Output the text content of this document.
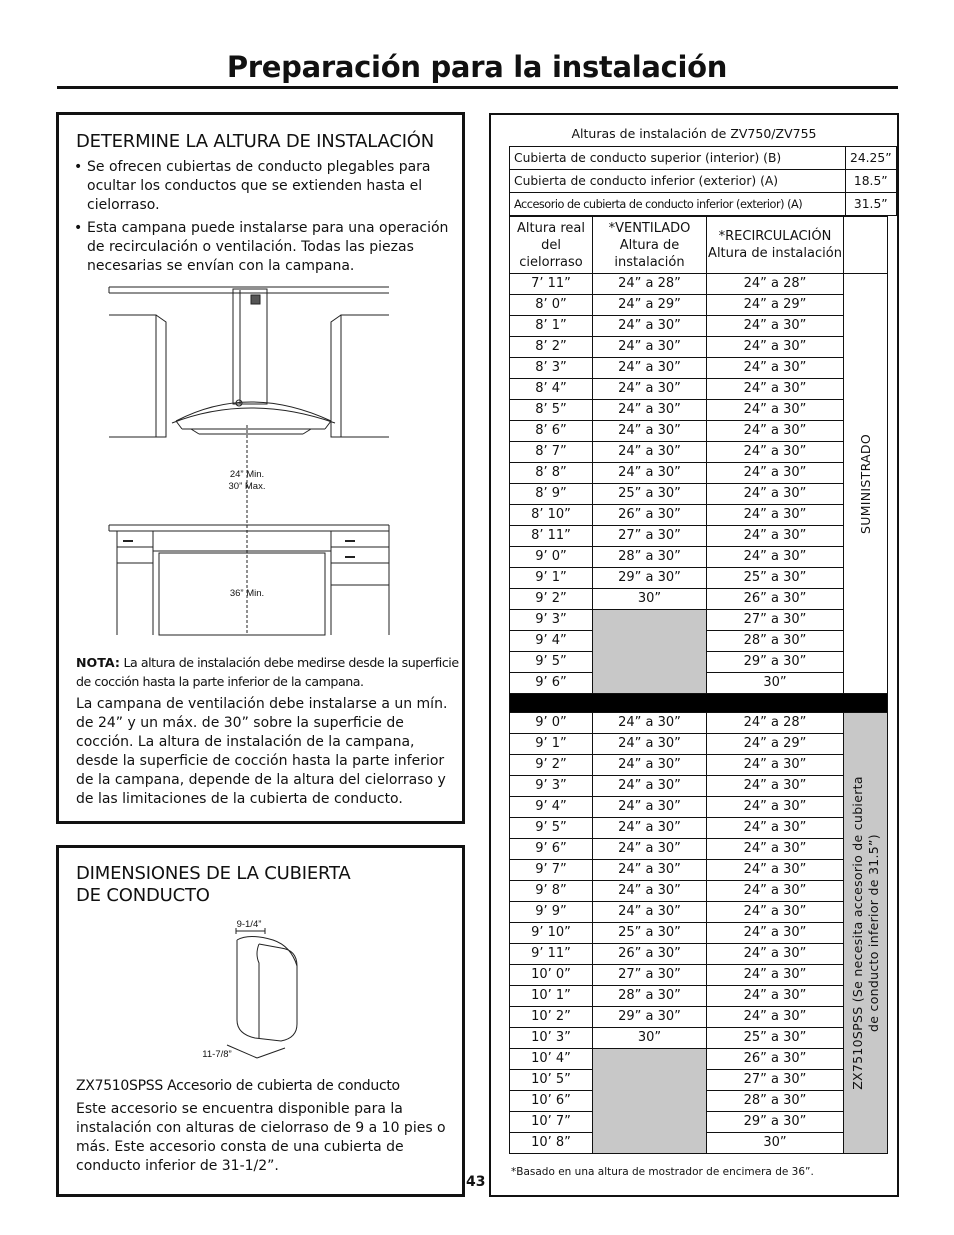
Preparación para la instalación
DETERMINE LA ALTURA DE INSTALACIÓN
• Se ofrecen cubiertas de conducto plegables para ocultar los conductos que se extienden hasta el cielorraso.
• Esta campana puede instalarse para una operación de recirculación o ventilación. Todas las piezas necesarias se envían con la campana.
24” Min.
30” Max.
36” Min.
NOTA: La altura de instalación debe medirse desde la superficie de cocción hasta la parte inferior de la campana.
La campana de ventilación debe instalarse a un mín. de 24” y un máx. de 30” sobre la superficie de cocción. La altura de instalación de la campana, desde la superficie de cocción hasta la parte inferior de la campana, depende de la altura del cielorraso y de las limitaciones de la cubierta de conducto.
DIMENSIONES DE LA CUBIERTA
DE CONDUCTO
9-1/4”
11-7/8”
ZX7510SPSS Accesorio de cubierta de conducto
Este accesorio se encuentra disponible para la instalación con alturas de cielorraso de 9 a 10 pies o más. Este accesorio consta de una cubierta de conducto inferior de 31-1/2”.
43
Alturas de instalación de ZV750/ZV755
Cubierta de conducto superior (interior) (B)	24.25”
Cubierta de conducto inferior (exterior) (A)	18.5”
Accesorio de cubierta de conducto inferior (exterior) (A)	31.5”
Altura real del cielorraso	*VENTILADO Altura de instalación	*RECIRCULACIÓN Altura de instalación	
7’ 11”	24” a 28”	24” a 28”	SUMINISTRADO

8’ 0”	24” a 29”	24” a 29”	
8’ 1”	24” a 30”	24” a 30”	
8’ 2”	24” a 30”	24” a 30”	
8’ 3”	24” a 30”	24” a 30”	
8’ 4”	24” a 30”	24” a 30”	
8’ 5”	24” a 30”	24” a 30”	
8’ 6”	24” a 30”	24” a 30”	
8’ 7”	24” a 30”	24” a 30”	
8’ 8”	24” a 30”	24” a 30”	
8’ 9”	25” a 30”	24” a 30”	
8’ 10”	26” a 30”	24” a 30”	
8’ 11”	27” a 30”	24” a 30”	
9’ 0”	28” a 30”	24” a 30”	
9’ 1”	29” a 30”	25” a 30”	
9’ 2”	30”	26” a 30”	
9’ 3”		27” a 30”	
9’ 4”		28” a 30”	
9’ 5”		29” a 30”	
9’ 6”		30”	

9’ 0”	24” a 30”	24” a 28”	ZX7510SPSS (Se necesita accesorio de cubierta de conducto inferior de 31.5”)

9’ 1”	24” a 30”	24” a 29”	
9’ 2”	24” a 30”	24” a 30”	
9’ 3”	24” a 30”	24” a 30”	
9’ 4”	24” a 30”	24” a 30”	
9’ 5”	24” a 30”	24” a 30”	
9’ 6”	24” a 30”	24” a 30”	
9’ 7”	24” a 30”	24” a 30”	
9’ 8”	24” a 30”	24” a 30”	
9’ 9”	24” a 30”	24” a 30”	
9’ 10”	25” a 30”	24” a 30”	
9’ 11”	26” a 30”	24” a 30”	
10’ 0”	27” a 30”	24” a 30”	
10’ 1”	28” a 30”	24” a 30”	
10’ 2”	29” a 30”	24” a 30”	
10’ 3”	30”	25” a 30”	
10’ 4”		26” a 30”	
10’ 5”		27” a 30”	
10’ 6”		28” a 30”	
10’ 7”		29” a 30”	
10’ 8”		30”	
*Basado en una altura de mostrador de encimera de 36”.
